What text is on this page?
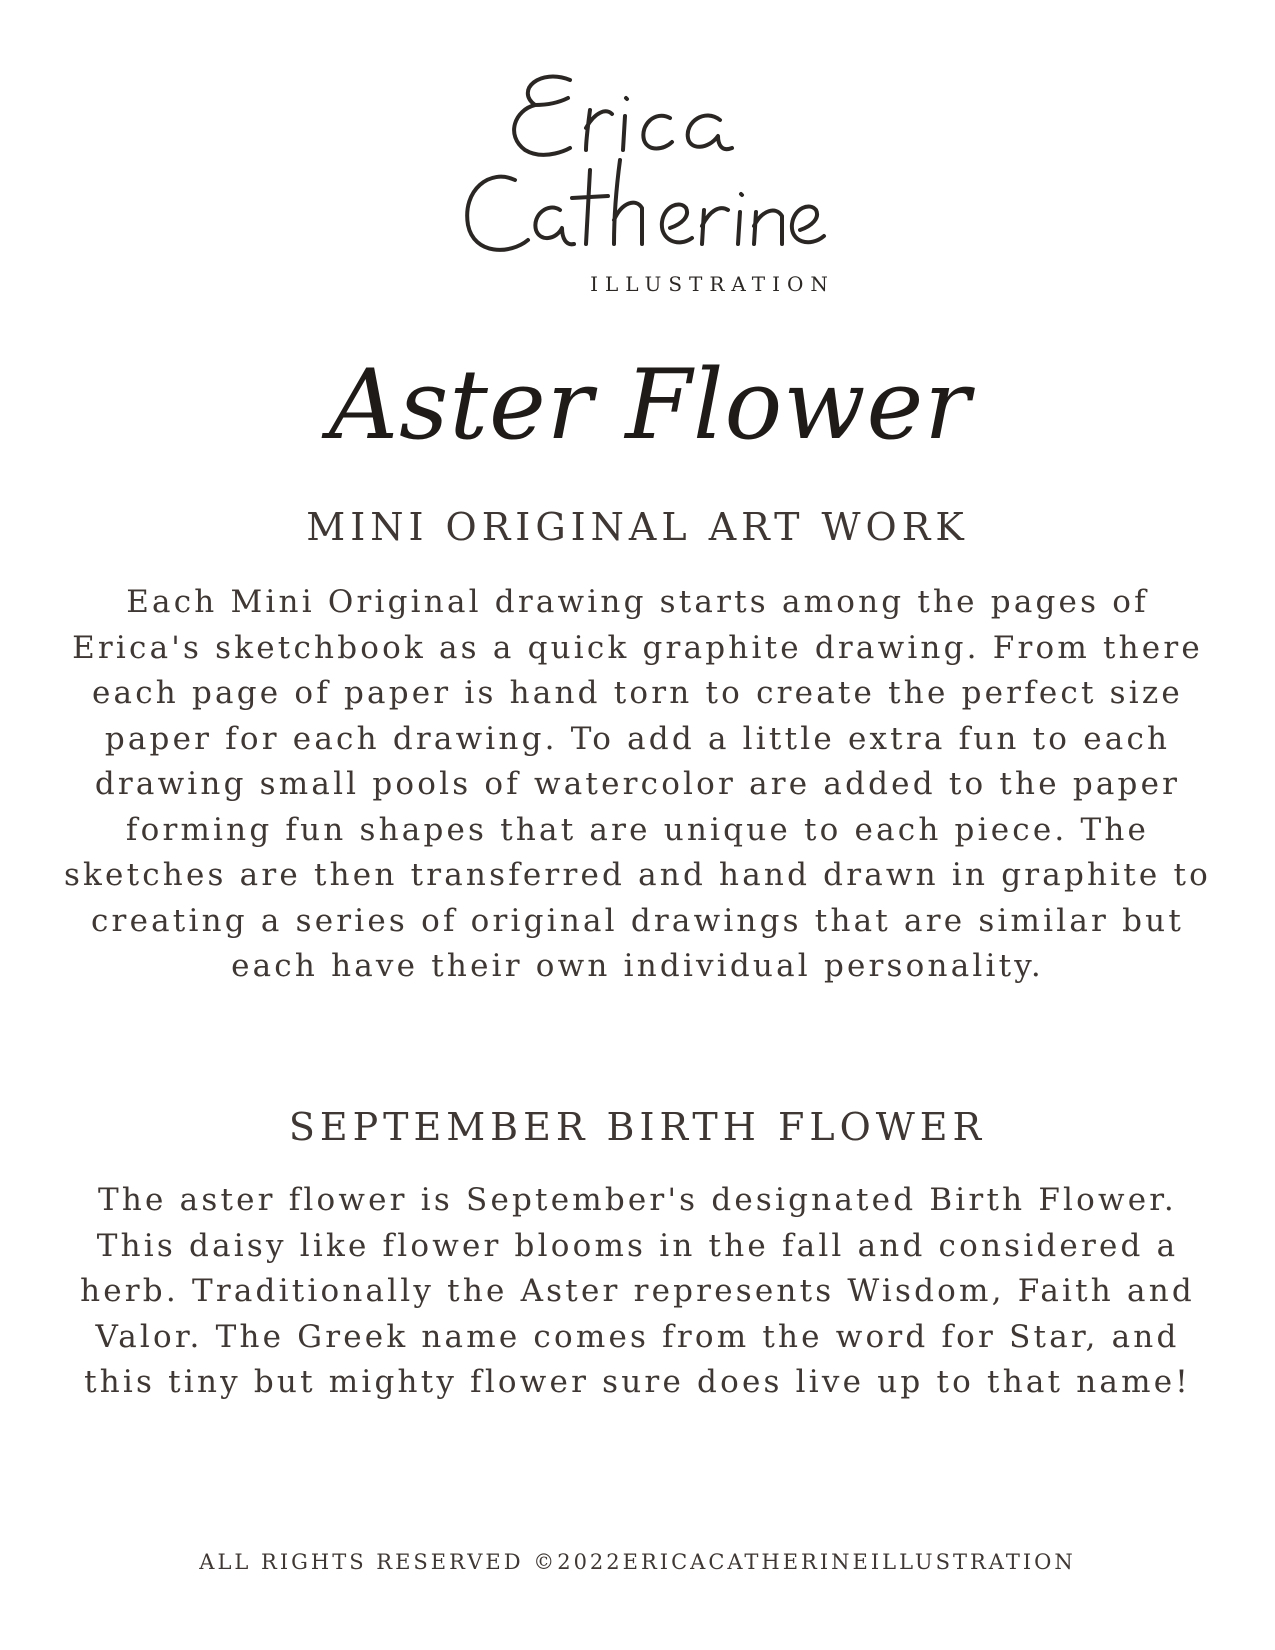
ILLUSTRATION
Aster Flower
MINI ORIGINAL ART WORK
Each Mini Original drawing starts among the pages of Erica's sketchbook as a quick graphite drawing. From there each page of paper is hand torn to create the perfect size paper for each drawing. To add a little extra fun to each drawing small pools of watercolor are added to the paper forming fun shapes that are unique to each piece. The sketches are then transferred and hand drawn in graphite to creating a series of original drawings that are similar but each have their own individual personality.
SEPTEMBER BIRTH FLOWER
The aster flower is September's designated Birth Flower. This daisy like flower blooms in the fall and considered a herb. Traditionally the Aster represents Wisdom, Faith and Valor. The Greek name comes from the word for Star, and this tiny but mighty flower sure does live up to that name!
ALL RIGHTS RESERVED ©2022ERICACATHERINEILLUSTRATION
